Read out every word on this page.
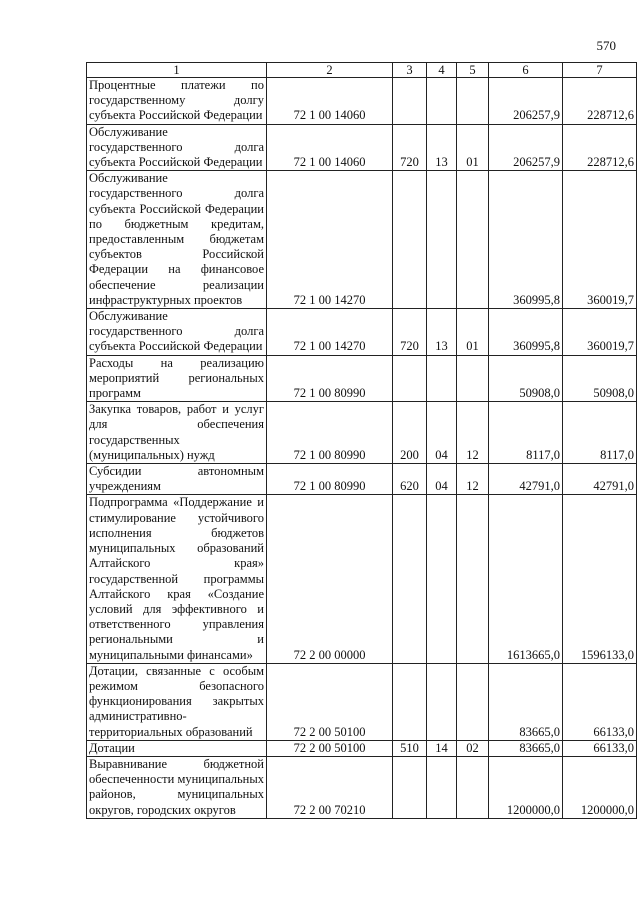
570
1	2	3	4	5	6	7
Процентные платежи по государственному долгу субъекта Российской Федерации	72 1 00 14060				206257,9	228712,6
Обслуживание государственного долга субъекта Российской Федерации	72 1 00 14060	720	13	01	206257,9	228712,6
Обслуживание государственного долга субъекта Российской Федерации по бюджетным кредитам, предоставленным бюджетам субъектов Российской Федерации на финансовое обеспечение реализации инфраструктурных проектов	72 1 00 14270				360995,8	360019,7
Обслуживание государственного долга субъекта Российской Федерации	72 1 00 14270	720	13	01	360995,8	360019,7
Расходы на реализацию мероприятий региональных программ	72 1 00 80990				50908,0	50908,0
Закупка товаров, работ и услуг для обеспечения государственных (муниципальных) нужд	72 1 00 80990	200	04	12	8117,0	8117,0
Субсидии автономным учреждениям	72 1 00 80990	620	04	12	42791,0	42791,0
Подпрограмма «Поддержание и стимулирование устойчивого исполнения бюджетов муниципальных образований Алтайского края» государственной программы Алтайского края «Создание условий для эффективного и ответственного управления региональными и муниципальными финансами»	72 2 00 00000				1613665,0	1596133,0
Дотации, связанные с особым режимом безопасного функционирования закрытых административно-территориальных образований	72 2 00 50100				83665,0	66133,0
Дотации	72 2 00 50100	510	14	02	83665,0	66133,0
Выравнивание бюджетной обеспеченности муниципальных районов, муниципальных округов, городских округов	72 2 00 70210				1200000,0	1200000,0
